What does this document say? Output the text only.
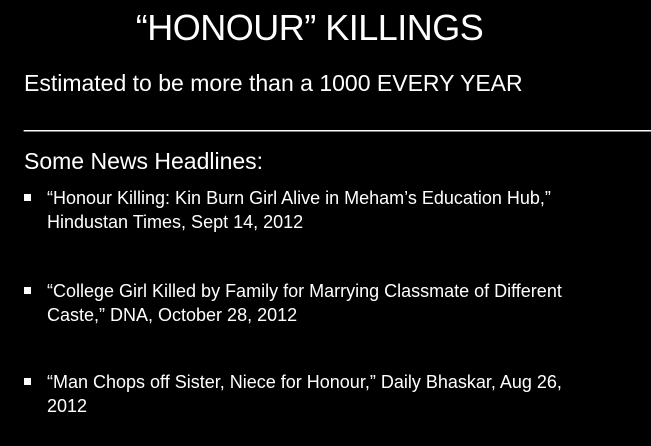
“HONOUR” KILLINGS
Estimated to be more than a 1000 EVERY YEAR
_________________________________________________
Some News Headlines:
“Honour Killing: Kin Burn Girl Alive in Meham’s Education Hub,” Hindustan Times, Sept 14, 2012
“College Girl Killed by Family for Marrying Classmate of Different Caste,” DNA, October 28, 2012
“Man Chops off Sister, Niece for Honour,” Daily Bhaskar, Aug 26, 2012
